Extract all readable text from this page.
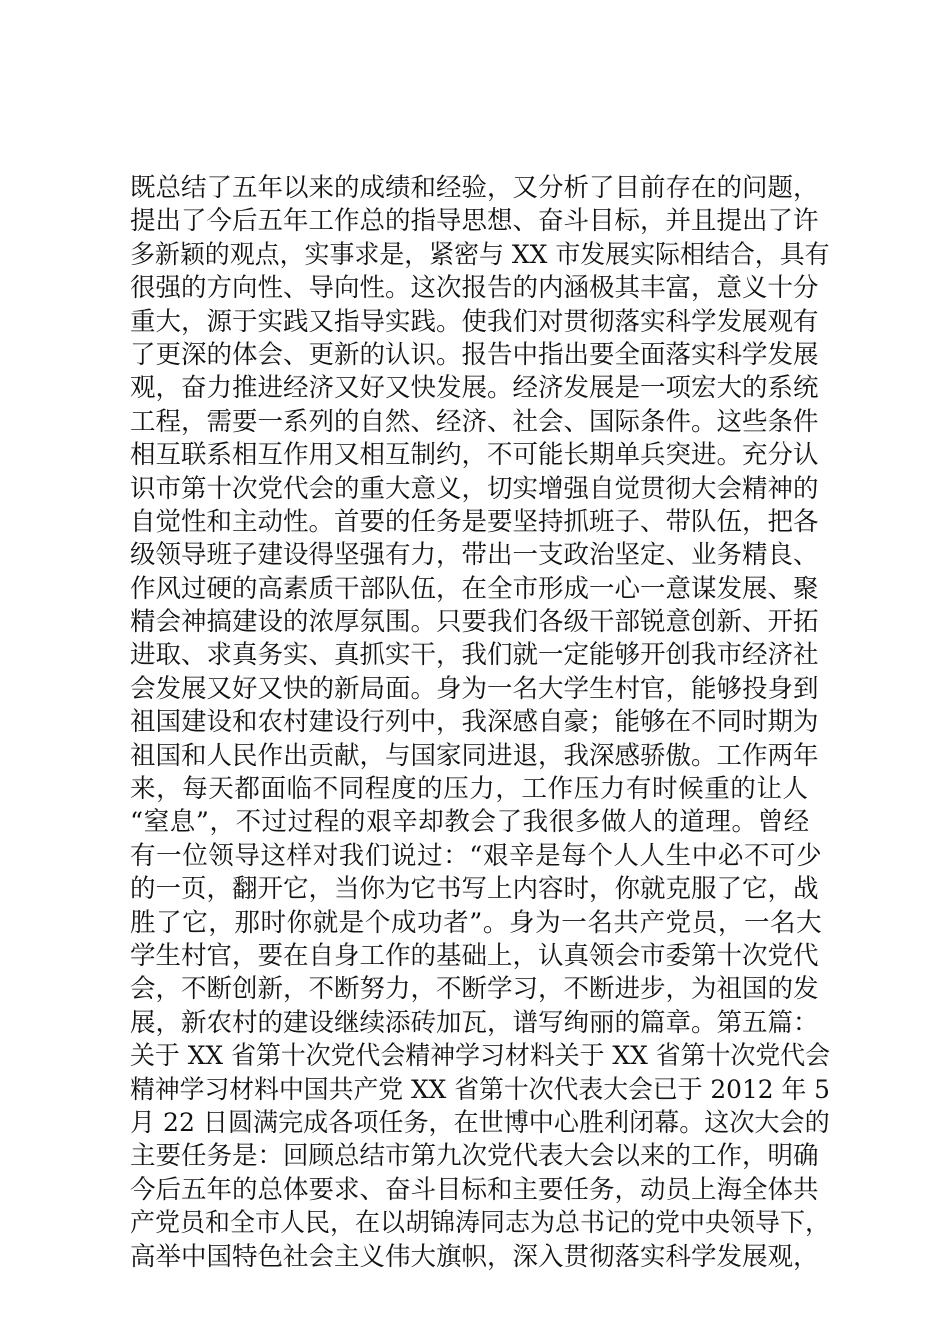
既总结了五年以来的成绩和经验，又分析了目前存在的问题，
提出了今后五年工作总的指导思想、奋斗目标，并且提出了许
多新颖的观点，实事求是，紧密与 XX 市发展实际相结合，具有
很强的方向性、导向性。这次报告的内涵极其丰富，意义十分
重大，源于实践又指导实践。使我们对贯彻落实科学发展观有
了更深的体会、更新的认识。报告中指出要全面落实科学发展
观，奋力推进经济又好又快发展。经济发展是一项宏大的系统
工程，需要一系列的自然、经济、社会、国际条件。这些条件
相互联系相互作用又相互制约，不可能长期单兵突进。充分认
识市第十次党代会的重大意义，切实增强自觉贯彻大会精神的
自觉性和主动性。首要的任务是要坚持抓班子、带队伍，把各
级领导班子建设得坚强有力，带出一支政治坚定、业务精良、
作风过硬的高素质干部队伍，在全市形成一心一意谋发展、聚
精会神搞建设的浓厚氛围。只要我们各级干部锐意创新、开拓
进取、求真务实、真抓实干，我们就一定能够开创我市经济社
会发展又好又快的新局面。身为一名大学生村官，能够投身到
祖国建设和农村建设行列中，我深感自豪；能够在不同时期为
祖国和人民作出贡献，与国家同进退，我深感骄傲。工作两年
来，每天都面临不同程度的压力，工作压力有时候重的让人
“窒息”，不过过程的艰辛却教会了我很多做人的道理。曾经
有一位领导这样对我们说过：“艰辛是每个人人生中必不可少
的一页，翻开它，当你为它书写上内容时，你就克服了它，战
胜了它，那时你就是个成功者”。身为一名共产党员，一名大
学生村官，要在自身工作的基础上，认真领会市委第十次党代
会，不断创新，不断努力，不断学习，不断进步，为祖国的发
展，新农村的建设继续添砖加瓦，谱写绚丽的篇章。第五篇：
关于 XX 省第十次党代会精神学习材料关于 XX 省第十次党代会
精神学习材料中国共产党 XX 省第十次代表大会已于 2012 年 5
月 22 日圆满完成各项任务，在世博中心胜利闭幕。这次大会的
主要任务是：回顾总结市第九次党代表大会以来的工作，明确
今后五年的总体要求、奋斗目标和主要任务，动员上海全体共
产党员和全市人民，在以胡锦涛同志为总书记的党中央领导下，
高举中国特色社会主义伟大旗帜，深入贯彻落实科学发展观，
